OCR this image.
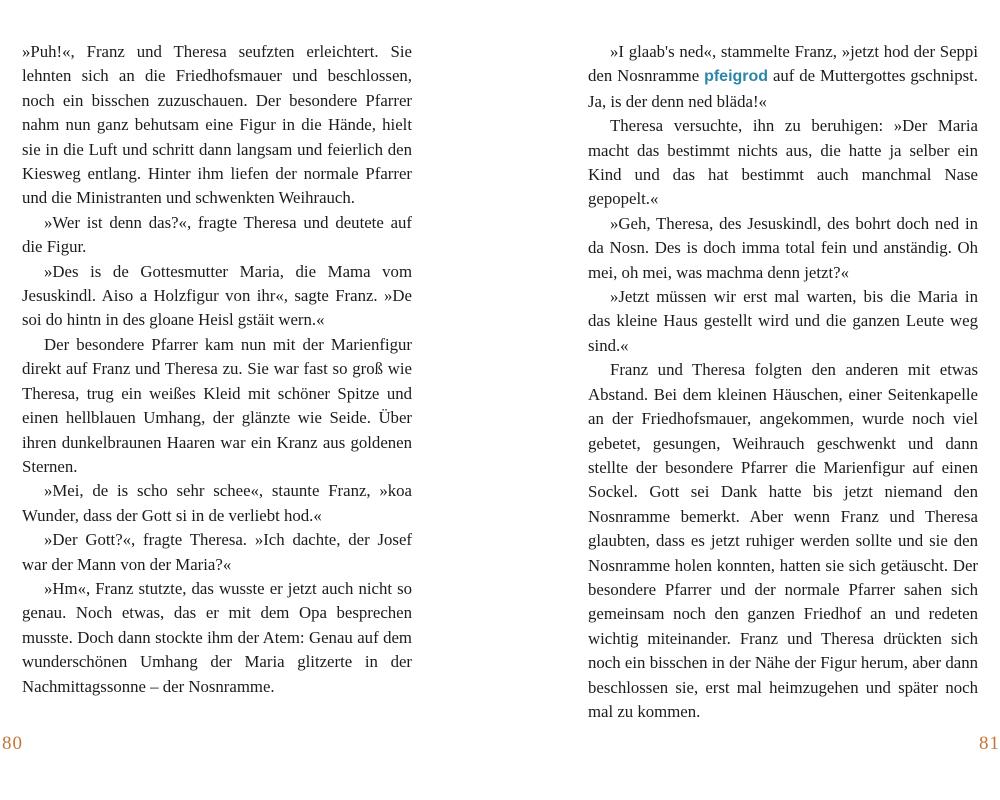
»Puh!«, Franz und Theresa seufzten erleichtert. Sie lehnten sich an die Friedhofsmauer und beschlossen, noch ein bisschen zuzuschauen. Der besondere Pfarrer nahm nun ganz behutsam eine Figur in die Hände, hielt sie in die Luft und schritt dann langsam und feierlich den Kiesweg entlang. Hinter ihm liefen der normale Pfarrer und die Ministranten und schwenkten Weihrauch.

»Wer ist denn das?«, fragte Theresa und deutete auf die Figur.

»Des is de Gottesmutter Maria, die Mama vom Jesuskindl. Aiso a Holzfigur von ihr«, sagte Franz. »De soi do hintn in des gloane Heisl gstäit wern.«

Der besondere Pfarrer kam nun mit der Marienfigur direkt auf Franz und Theresa zu. Sie war fast so groß wie Theresa, trug ein weißes Kleid mit schöner Spitze und einen hellblauen Umhang, der glänzte wie Seide. Über ihren dunkelbraunen Haaren war ein Kranz aus goldenen Sternen.

»Mei, de is scho sehr schee«, staunte Franz, »koa Wunder, dass der Gott si in de verliebt hod.«

»Der Gott?«, fragte Theresa. »Ich dachte, der Josef war der Mann von der Maria?«

»Hm«, Franz stutzte, das wusste er jetzt auch nicht so genau. Noch etwas, das er mit dem Opa besprechen musste. Doch dann stockte ihm der Atem: Genau auf dem wunderschönen Umhang der Maria glitzerte in der Nachmittagssonne – der Nosnramme.

»I glaab's ned«, stammelte Franz, »jetzt hod der Seppi den Nosnramme pfeigrod auf de Muttergottes gschnipst. Ja, is der denn ned bläda!«

Theresa versuchte, ihn zu beruhigen: »Der Maria macht das bestimmt nichts aus, die hatte ja selber ein Kind und das hat bestimmt auch manchmal Nase gepopelt.«

»Geh, Theresa, des Jesuskindl, des bohrt doch ned in da Nosn. Des is doch imma total fein und anständig. Oh mei, oh mei, was machma denn jetzt?«

»Jetzt müssen wir erst mal warten, bis die Maria in das kleine Haus gestellt wird und die ganzen Leute weg sind.«

Franz und Theresa folgten den anderen mit etwas Abstand. Bei dem kleinen Häuschen, einer Seitenkapelle an der Friedhofsmauer, angekommen, wurde noch viel gebetet, gesungen, Weihrauch geschwenkt und dann stellte der besondere Pfarrer die Marienfigur auf einen Sockel. Gott sei Dank hatte bis jetzt niemand den Nosnramme bemerkt. Aber wenn Franz und Theresa glaubten, dass es jetzt ruhiger werden sollte und sie den Nosnramme holen konnten, hatten sie sich getäuscht. Der besondere Pfarrer und der normale Pfarrer sahen sich gemeinsam noch den ganzen Friedhof an und redeten wichtig miteinander. Franz und Theresa drückten sich noch ein bisschen in der Nähe der Figur herum, aber dann beschlossen sie, erst mal heimzugehen und später noch mal zu kommen.

80	81
